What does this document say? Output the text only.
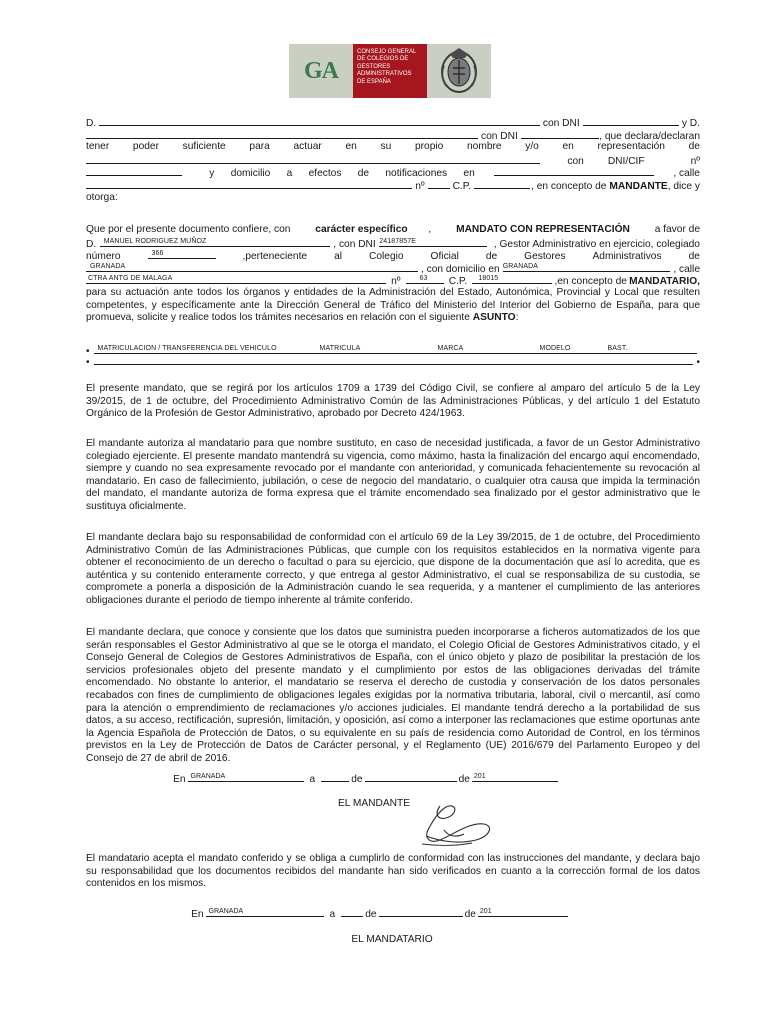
GA
CONSEJO GENERAL
DE COLEGIOS DE
GESTORES
ADMINISTRATIVOS
DE ESPAÑA
D.	con DNI	y D.
con DNI	, que declara/declaran
tener poder suficiente para actuar en su propio nombre y/o en representación de
con DNI/CIF	nº
y domicilio a efectos de notificaciones en	, calle
nº	C.P.	, en concepto de MANDANTE , dice y
otorga:
Que por el presente documento confiere, con carácter específico , MANDATO CON REPRESENTACIÓN a favor de
D. MANUEL RODRIGUEZ MUÑOZ	, con DNI 24187857E	, Gestor Administrativo en ejercicio, colegiado
número	366	,perteneciente	al	Colegio	Oficial	de	Gestores	Administrativos	de
GRANADA	, con domicilio en GRANADA	, calle
CTRA ANTG DE MALAGA	nº	63 C.P. 18015	,en concepto de MANDATARIO,
para su actuación ante todos los órganos y entidades de la Administración del Estado, Autonómica, Provincial y Local que resulten competentes, y específicamente ante la Dirección General de Tráfico del Ministerio del Interior del Gobierno de España, para que promueva, solicite y realice todos los trámites necesarios en relación con el siguiente ASUNTO:
• MATRICULACION / TRANSFERENCIA DEL VEHICULO	MATRICULA	MARCA	MODELO	BAST.
•	•
El presente mandato, que se regirá por los artículos 1709 a 1739 del Código Civil, se confiere al amparo del artículo 5 de la Ley 39/2015, de 1 de octubre, del Procedimiento Administrativo Común de las Administraciones Públicas, y del artículo 1 del Estatuto Orgánico de la Profesión de Gestor Administrativo, aprobado por Decreto 424/1963.
El mandante autoriza al mandatario para que nombre sustituto, en caso de necesidad justificada, a favor de un Gestor Administrativo colegiado ejerciente. El presente mandato mantendrá su vigencia, como máximo, hasta la finalización del encargo aquí encomendado, siempre y cuando no sea expresamente revocado por el mandante con anterioridad, y comunicada fehacientemente su revocación al mandatario. En caso de fallecimiento, jubilación, o cese de negocio del mandatario, o cualquier otra causa que impida la terminación del mandato, el mandante autoriza de forma expresa que el trámite encomendado sea finalizado por el gestor administrativo que le sustituya oficialmente.
El mandante declara bajo su responsabilidad de conformidad con el artículo 69 de la Ley 39/2015, de 1 de octubre, del Procedimiento Administrativo Común de las Administraciones Públicas, que cumple con los requisitos establecidos en la normativa vigente para obtener el reconocimiento de un derecho o facultad o para su ejercicio, que dispone de la documentación que así lo acredita, que es auténtica y su contenido enteramente correcto, y que entrega al gestor Administrativo, el cual se responsabiliza de su custodia, se compromete a ponerla a disposición de la Administración cuando le sea requerida, y a mantener el cumplimiento de las anteriores obligaciones durante el periodo de tiempo inherente al trámite conferido.
El mandante declara, que conoce y consiente que los datos que suministra pueden incorporarse a ficheros automatizados de los que serán responsables el Gestor Administrativo al que se le otorga el mandato, el Colegio Oficial de Gestores Administrativos citado, y el Consejo General de Colegios de Gestores Administrativos de España, con el único objeto y plazo de posibilitar la prestación de los servicios profesionales objeto del presente mandato y el cumplimiento por estos de las obligaciones derivadas del trámite encomendado. No obstante lo anterior, el mandatario se reserva el derecho de custodia y conservación de los datos personales recabados con fines de cumplimiento de obligaciones legales exigidas por la normativa tributaria, laboral, civil o mercantil, así como para la atención o emprendimiento de reclamaciones y/o acciones judiciales. El mandante tendrá derecho a la portabilidad de sus datos, a su acceso, rectificación, supresión, limitación, y oposición, así como a interponer las reclamaciones que estime oportunas ante la Agencia Española de Protección de Datos, o su equivalente en su país de residencia como Autoridad de Control, en los términos previstos en la Ley de Protección de Datos de Carácter personal, y el Reglamento (UE) 2016/679 del Parlamento Europeo y del Consejo de 27 de abril de 2016.
En GRANADA	a	de	de 201
EL MANDANTE
El mandatario acepta el mandato conferido y se obliga a cumplirlo de conformidad con las instrucciones del mandante, y declara bajo su responsabilidad que los documentos recibidos del mandante han sido verificados en cuanto a la corrección formal de los datos contenidos en los mismos.
En GRANADA	a	de	de 201
EL MANDATARIO
